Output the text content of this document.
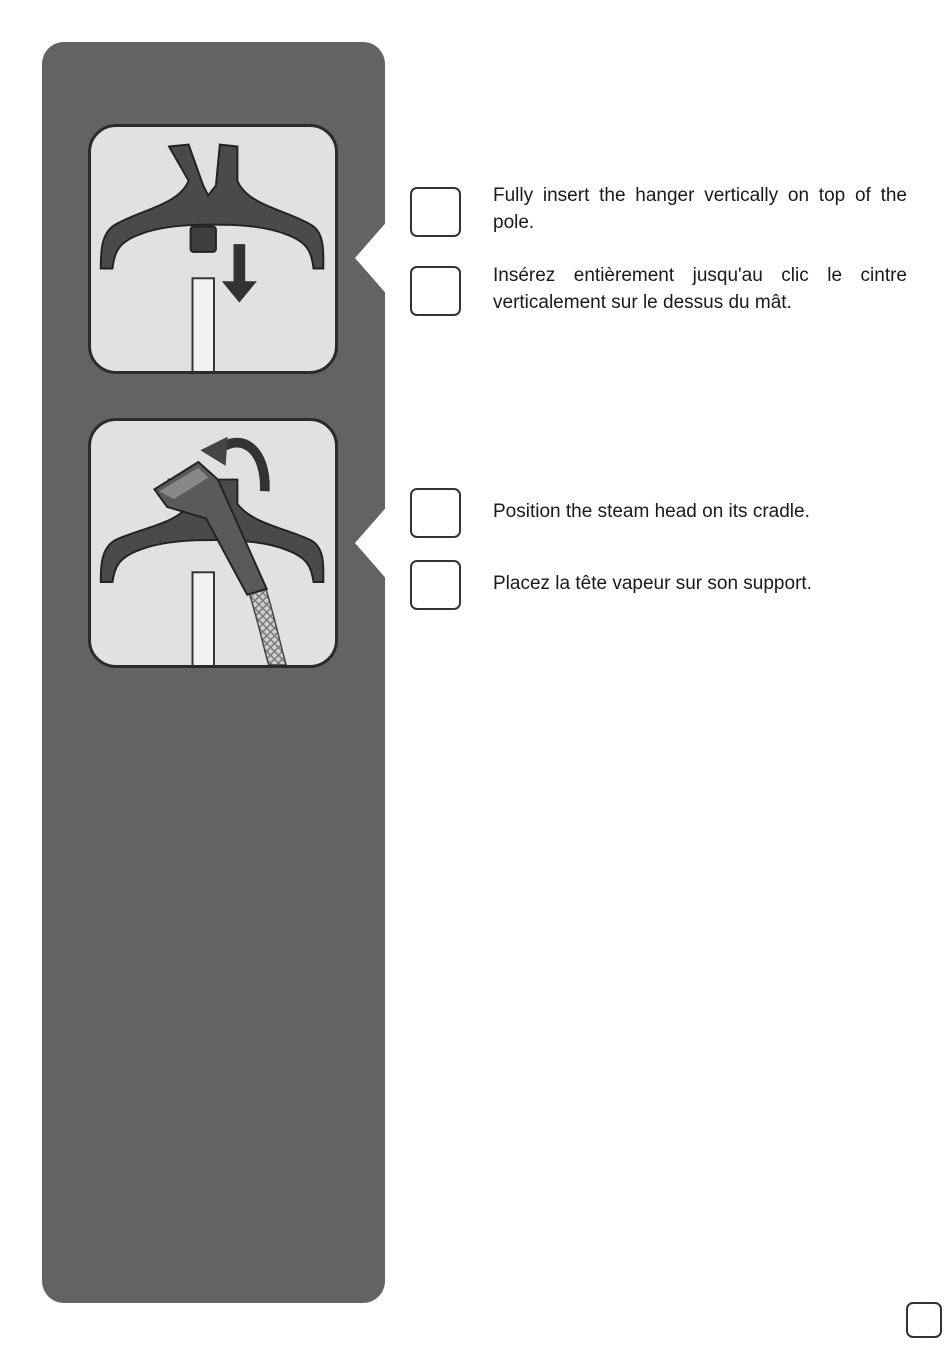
Fully insert the hanger vertically on top of the pole.

Insérez entièrement jusqu'au clic le cintre verticalement sur le dessus du mât.

Position the steam head on its cradle.

Placez la tête vapeur sur son support.
